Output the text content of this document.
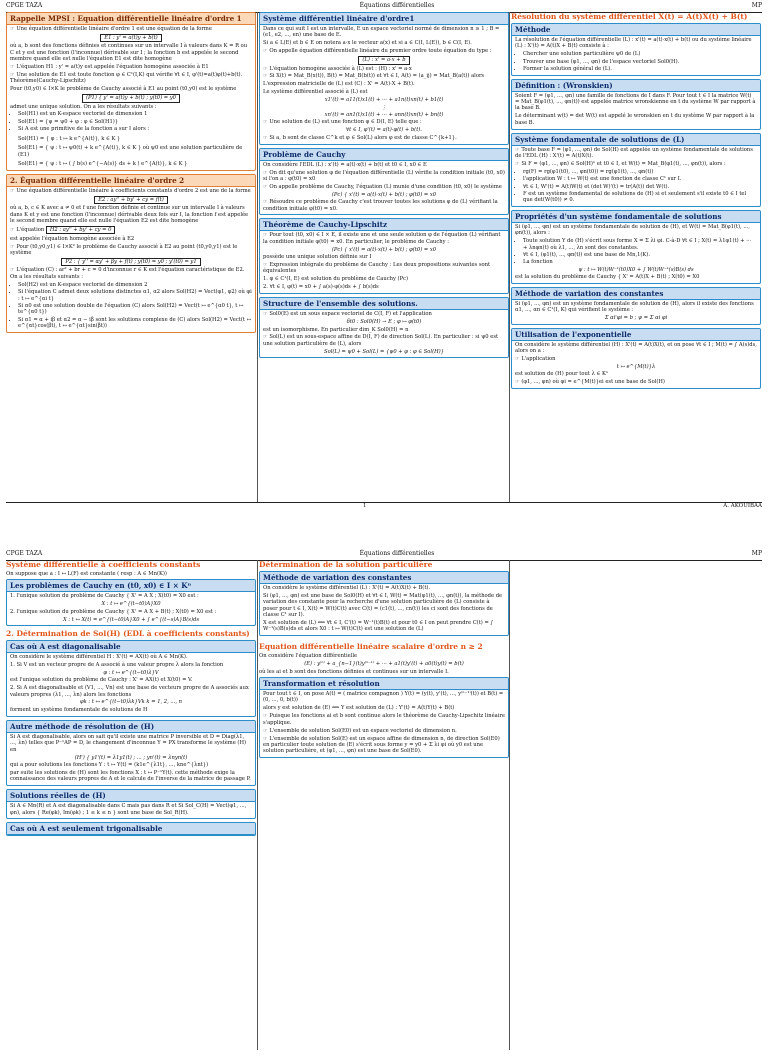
CPGE TAZA	Équations différentielles	MP
Rappelle MPSI : Equation différentielle linéaire d'ordre 1

☞ Une équation différentielle linéaire d'ordre 1 est une équation de la forme

E1 : y' = a(t)y + b(t)

où a, b sont des fonctions définies et continues sur un intervalle I à valeurs dans K = R ou C et y est une fonction (l'inconnue) dérivable sur I ; la fonction b est appelée le second membre quand elle est nulle l'équation E1 est dite homogène

☞ L'équation H1 : y' = a(t)y est appelée l'équation homogène associée à E1

☞ Une solution de E1 est toute fonction φ ∈ C¹(I,K) qui vérifie ∀t ∈ I, φ'(t)=a(t)φ(t)+b(t). Théorème(Cauchy-Lipschitz)

Pour (t0,y0) ∈ I×K le problème de Cauchy associé à E1 au point (t0,y0) est le système

(P1) { y' = a(t)y + b(t) ; y(t0) = y0

admet une unique solution. On a les résultats suivants :

• Sol(H1) est un K-espace vectoriel de dimension 1
• Sol(E1) = {ψ = ψ0 + φ : φ ∈ Sol(H1)}
• Si A est une primitive de la fonction a sur I alors :

Sol(H1) = { φ : t ↦ k e^{A(t)}, k ∈ K }

Sol(E1) = { ψ : t ↦ ψ0(t) + k e^{A(t)}, k ∈ K } où ψ0 est une solution particulière de (E1)

Sol(E1) = { ψ : t ↦ ( ∫ b(s) e^{−A(s)} ds + k ) e^{A(t)}, k ∈ K }

2. Équation différentielle linéaire d'ordre 2

☞ Une équation différentielle linéaire à coefficients constants d'ordre 2 est une de la forme

E2 : ay'' + by' + cy = f(t)

où a, b, c ∈ K avec a ≠ 0 et f une fonction définie et continue sur un intervalle I à valeurs dans K et y est une fonction (l'inconnue) dérivable deux fois sur I, la fonction f est appelée le second membre quand elle est nulle l'équation E2 est dite homogène

☞ L'équation H2 : ay'' + by' + cy = 0

est appelée l'équation homogène associée à E2

☞ Pour (t0,y0,y1) ∈ I×K² le problème de Cauchy associé à E2 au point (t0,y0,y1) est le système

P2 : { y'' = αy' + βy + f(t) ; y(t0) = y0 ; y'(t0) = y1

☞ L'équation (C) : ar² + br + c = 0 d'inconnue r ∈ K est l'équation caractéristique de E2. On a les résultats suivants :

• Sol(H2) est un K-espace vectoriel de dimension 2
• Si l'équation C admet deux solutions distinctes α1, α2 alors Sol(H2) = Vect(φ1, φ2) où φi : t ↦ e^{αi t}
• Si α0 est une solution double de l'équation (C) alors Sol(H2) = Vect(t ↦ e^{α0 t}, t ↦ te^{α0 t})
• Si α1 = α + iβ et α2 = α − iβ sont les solutions complexe de (C) alors Sol(H2) = Vect(t ↦ e^{αt}cos(βt), t ↦ e^{αt}sin(βt))
Système différentiel linéaire d'ordre1

Dans ce qui suit I est un intervalle, E un espace vectoriel normé de dimension n ≥ 1 ; B = (e1, e2, ..., en) une base de E.

Si a ∈ L(E) et b ∈ E on notera a·x le vecteur a(x) et si a ∈ C(I, L(E)), b ∈ C(I, E).

☞ On appelle équation différentielle linéaire du premier ordre toute équation du type :

(L) : x' = a·x + b

☞ L'équation homogène associée à (L) est : (H) : x' = a·x

☞ Si X(t) = Mat_B(x(t)), B(t) = Mat_B(b(t)) et ∀t ∈ I, A(t) = (a_ij) = Mat_B(a(t)) alors

L'expression matricielle de (L) est (C) : X' = A(t)·X + B(t).

Le système différentiel associé à (L) est

x1'(t) = a11(t)x1(t) + ··· + a1n(t)xn(t) + b1(t)
⋮
xn'(t) = an1(t)x1(t) + ··· + ann(t)xn(t) + bn(t)

☞ Une solution de (L) est une fonction φ ∈ D(I, E) telle que :

∀t ∈ I, φ'(t) = a(t)·φ(t) + b(t).

☞ Si a, b sont de classe C^k et φ ∈ Sol(L) alors φ est de classe C^{k+1}.

Problème de Cauchy

On considère l'EDL (L) : x'(t) = a(t)·x(t) + b(t) et t0 ∈ I, x0 ∈ E

☞ On dit qu'une solution φ de l'équation différentielle (L) vérifie la condition initiale (t0, x0) si l'on a : φ(t0) = x0

☞ On appelle problème de Cauchy, l'équation (L) munie d'une condition (t0, x0) le système

(Pc) { x'(t) = a(t)·x(t) + b(t) ; φ(t0) = x0

☞ Résoudre ce problème de Cauchy c'est trouver toutes les solutions φ de (L) vérifiant la condition initiale φ(t0) = x0.

Théorème de Cauchy-Lipschitz

☞ Pour tout (t0, x0) ∈ I × E, il existe une et une seule solution φ de l'équation (L) vérifiant la condition initiale φ(t0) = x0. En particulier, le problème de Cauchy :

(Pc) { x'(t) = a(t)·x(t) + b(t) ; φ(t0) = x0

possède une unique solution définie sur I

☞ Expression intégrale du problème de Cauchy : Les deux propositions suivantes sont équivalentes

1. φ ∈ C¹(I, E) est solution du problème de Cauchy (Pc)

2. ∀t ∈ I, φ(t) = x0 + ∫ a(s)·φ(s)ds + ∫ b(s)ds

Structure de l'ensemble des solutions.

☞ Sol0(E) est un sous espace vectoriel de C(I, F) et l'application

δt0 : Sol0(H) → E ; φ ↦ φ(t0)

est un isomorphisme. En particulier dim_K Sol0(H) = n

☞ Sol(L) est un sous-espace affine de D(I, F) de direction Sol(L). En particulier : si ψ0 est une solution particulière de (L), alors

Sol(L) = ψ0 + Sol(L) = {ψ0 + φ : φ ∈ Sol(H)}
Résolution du système différentiel X(t) = A(t)X(t) + B(t)
Méthode

La résolution de l'équation différentielle (L) : x'(t) = a(t)·x(t) + b(t) ou du système linéaire (L) : X'(t) = A(t)X + B(t) consiste à :

• Chercher une solution particulière ψ0 de (L)
• Trouver une base (φ1, ..., φn) de l'espace vectoriel Sol0(H).
• Former la solution général de (L).
Définition : (Wronskien)

Soient F = (φ1, ..., φn) une famille de fonctions de I dans F. Pour tout t ∈ I la matrice W(t) = Mat_B(φ1(t), ..., φn(t)) est appelée matrice wronskienne en t du système W par rapport à la base B.

Le déterminant w(t) = det W(t) est appelé le wronskien en t du système W par rapport à la base B.

Système fondamentale de solutions de (L)

☞ Toute base F = (φ1, ..., φn) de Sol(H) est appelée un système fondamentale de solutions de l'EDL (H) : X'(t) = A(t)X(t).

☞ Si F = (φ1, ..., φn) ∈ Sol(H)ⁿ et t0 ∈ I, et W(t) = Mat_B(φ1(t), ..., φn(t)), alors :

• rg(F) = rg(φ1(t0), ..., φn(t0)) = rg(φ1(t), ..., φn(t))
• l'application W : t ↦ W(t) est une fonction de classe C¹ sur I.
• ∀t ∈ I, W'(t) = A(t)W(t) et (det W)'(t) = tr(A(t)) det W(t).
• F est un système fondamental de solutions de (H) si et seulement s'il existe t0 ∈ I tel que det(W(t0)) ≠ 0.
Propriétés d'un système fondamentale de solutions

Si (φ1, ..., φn) est un système fondamentale de solution de (H), et W(t) = Mat_B(φ1(t), ..., φn(t)), alors :

• Toute solution Y de (H) s'écrit sous forme X = Σ λi φi. C-à-D ∀t ∈ I ; X(t) = λ1φ1(t) + ··· + λnφn(t) où λ1, ..., λn sont des constantes.
• ∀t ∈ I, (φ1(t), ..., φn(t)) est une base de Mn,1(K).
• La fonction
ψ : t ↦ W(t)W⁻¹(t0)X0 + ∫ W(t)W⁻¹(s)B(s) ds

est la solution du problème de Cauchy { X' = A(t)X + B(t) ; X(t0) = X0

Méthode de variation des constantes

Si (φ1, ..., φn) est un système fondamentale de solution de (H), alors il existe des fonctions α1, ..., αn ∈ C¹(I, K) qui vérifient le système :

Σ αi'φi = b ; ψ = Σ αi φi
Utilisation de l'exponentielle

On considère le système différentiel (H) : X'(t) = A(t)X(t), et on pose ∀t ∈ I ; M(t) = ∫ A(s)ds, alors on a :

☞ L'application

t ↦ e^{M(t)}λ

est solution de (H) pour tout λ ∈ Kⁿ

☞ (φ1, ..., φn) où φi = e^{M(t)}ei est une base de Sol(H)

1	A. AKOUIBAA
CPGE TAZA	Équations différentielles	MP
Système différentielle à coefficients constants
On suppose que a : I ↦ L(F) est constante ( resp : A ∈ Mn(K))
Les problèmes de Cauchy en (t0, x0) ∈ I × Kⁿ

1. l'unique solution du problème de Cauchy { X' = A X ; X(t0) = X0 est :

X : t ↦ e^{(t−t0)A}X0

2. l'unique solution du problème de Cauchy { X' = A X + B(t) ; X(t0) = X0 est :

X : t ↦ X(t) = e^{(t−t0)A}X0 + ∫ e^{(t−s)A}B(s)ds
2. Détermination de Sol(H) (EDL à coefficients constants)
Cas où A est diagonalisable

On considère le système différentiel H : X'(t) = AX(t) où A ∈ Mn(K).

1. Si V est un vecteur propre de A associé à une valeur propre λ alors la fonction

φ : t ↦ e^{(t−t0)λ}V

est l'unique solution du problème de Cauchy : X' = AX(t) et X(t0) = V.

2. Si A est diagonalisable et (V1, ..., Vn) est une base de vecteurs propre de A associés aux valeurs propres (λ1, ..., λn) alors les fonctions

φk : t ↦ e^{(t−t0)λk}Vk k = 1, 2, ..., n

forment un système fondamentale de solutions de H

Autre méthode de résolution de (H)

Si A est diagonalisable, alors on sait qu'il existe une matrice P inversible et D = Diag(λ1, ..., λn) telles que P⁻¹AP = D, le changement d'inconnue Y = PX transforme le système (H) en

(H') { y1'(t) = λ1y1(t) ; ... ; yn'(t) = λnyn(t)

qui a pour solutions les fonctions Y : t ↦ Y(t) = (k1e^{λ1t}, ..., kne^{λnt})

par suite les solutions de (H) sont les fonctions X : t ↦ P⁻¹Y(t). cette méthode exige la connaissance des valeurs propres de A et le calcule de l'inverse de la matrice de passage P.

Solutions réelles de (H)

Si A ∈ Mn(R) et A est diagonalisable dans C mais pas dans R et Si Sol_C(H) = Vect(φ1, ..., φn), alors { Re(φk), Im(φk) ; 1 ≤ k ≤ n } sont une base de Sol_R(H).

Cas où A est seulement trigonalisable
Détermination de la solution particulière
Méthode de variation des constantes

On considère le système différentiel (L) : X'(t) = A(t)X(t) + B(t).

Si (φ1, ..., φn) est une base de Sol0(H) et ∀t ∈ I, W(t) = Mat(φ1(t), ..., φn(t)), la méthode de variation des constante pour la recherche d'une solution particulière de (L) consiste à poser pour t ∈ I, X(t) = W(t)C(t) avec C(t) = (c1(t), ..., cn(t)) les ci sont des fonctions de classe C¹ sur I).

X est solution de (L) ⟺ ∀t ∈ I, C'(t) = W⁻¹(t)B(t) et pour t0 ∈ I on peut prendre C(t) = ∫ W⁻¹(s)B(s)ds et alors X0 : t ↦ W(t)C(t) est une solution de (L)

Equation différentielle linéaire scalaire d'ordre n ≥ 2

On considère l'équation différentielle

(E) : y⁽ⁿ⁾ + a_{n−1}(t)y⁽ⁿ⁻¹⁾ + ··· + a1(t)y'(t) + a0(t)y(t) = b(t)

où les ai et b sont des fonctions définies et continues sur un intervalle I.

Transformation et résolution

Pour tout t ∈ I, on pose A(t) = ( matrice compagnon ) Y(t) = (y(t), y'(t), ..., y⁽ⁿ⁻¹⁾(t)) et B(t) = (0, ..., 0, b(t))

alors y est solution de (E) ⟺ Y est solution de (L) : Y'(t) = A(t)Y(t) + B(t)

☞ Puisque les fonctions ai et b sont continue alors le théorème de Cauchy-Lipschitz linéaire s'applique.

☞ L'ensemble de solution Sol(E0) est un espace vectoriel de dimension n.

☞ L'ensemble de solution Sol(E) est un espace affine de dimension n, de direction Sol(E0) en particulier toute solution de (E) s'écrit sous forme y = y0 + Σ λi φi où y0 est une solution particulière, et (φ1, ..., φn) est une base de Sol(E0).
